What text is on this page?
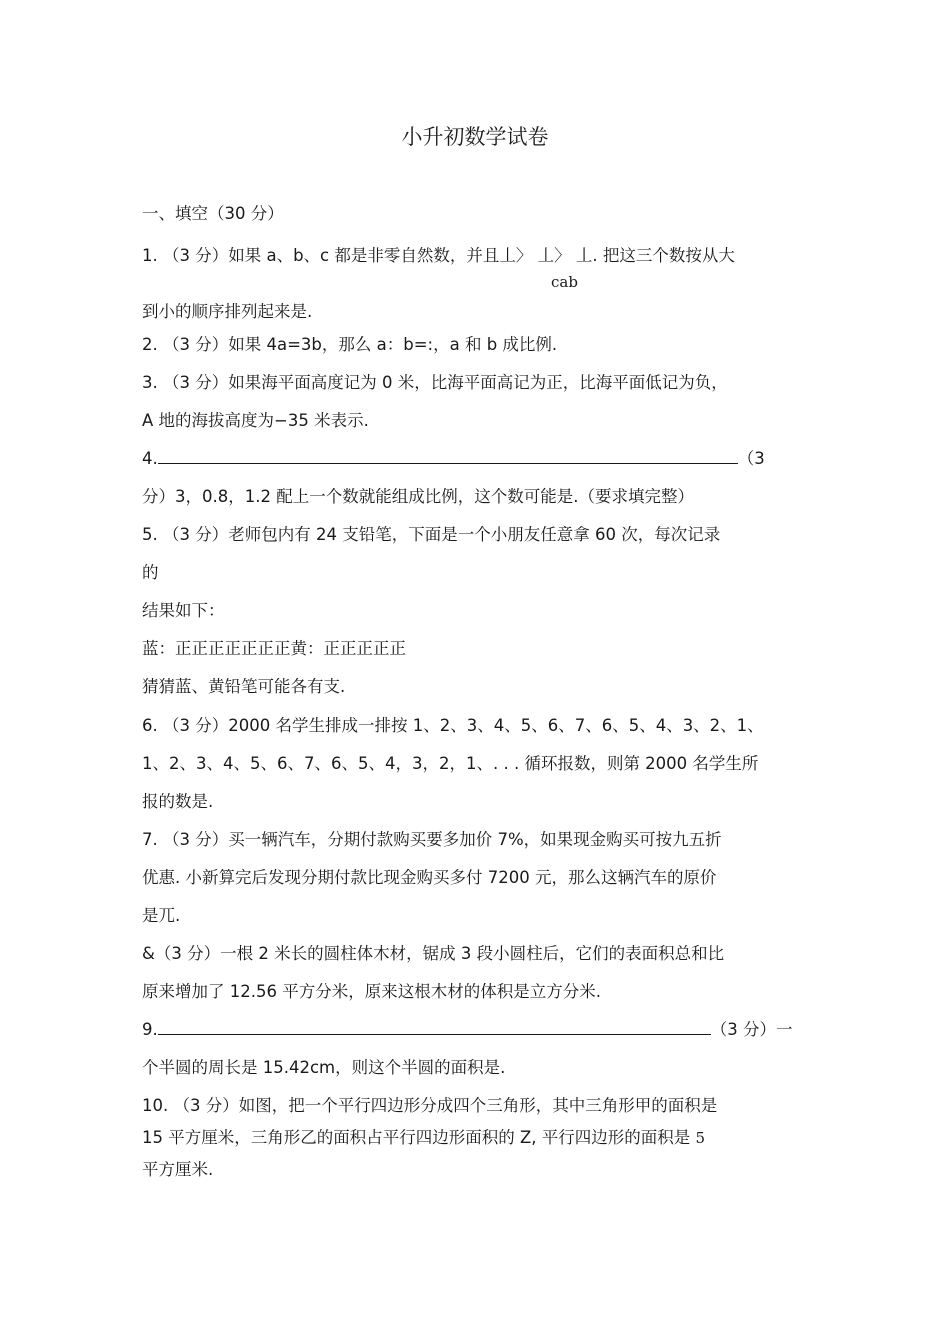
小升初数学试卷
一、填空（30 分）
1. （3 分）如果 a、b、c 都是非零自然数，并且丄〉 丄〉 丄. 把这三个数按从大
cab
到小的顺序排列起来是.
2. （3 分）如果 4a=3b，那么 a：b=:，a 和 b 成比例.
3. （3 分）如果海平面高度记为 0 米，比海平面高记为正，比海平面低记为负，
A 地的海拔高度为−35 米表示.
4.	（3
分）3，0.8，1.2 配上一个数就能组成比例，这个数可能是.（要求填完整）
5. （3 分）老师包内有 24 支铅笔，下面是一个小朋友任意拿 60 次，每次记录
的
结果如下：
蓝：正正正正正正正黄：正正正正正
猜猜蓝、黄铅笔可能各有支.
6. （3 分）2000 名学生排成一排按 1、2、3、4、5、6、7、6、5、4、3、2、1、
1、2、3、4、5、6、7、6、5、4，3，2，1、. . . 循环报数，则第 2000 名学生所
报的数是.
7. （3 分）买一辆汽车，分期付款购买要多加价 7%，如果现金购买可按九五折
优惠. 小新算完后发现分期付款比现金购买多付 7200 元，那么这辆汽车的原价
是兀.
&（3 分）一根 2 米长的圆柱体木材，锯成 3 段小圆柱后，它们的表面积总和比
原来增加了 12.56 平方分米，原来这根木材的体积是立方分米.
9.	（3 分）一
个半圆的周长是 15.42cm，则这个半圆的面积是.
10. （3 分）如图，把一个平行四边形分成四个三角形，其中三角形甲的面积是
15 平方厘米，三角形乙的面积占平行四边形面积的 Z, 平行四边形的面积是 5
平方厘米.
